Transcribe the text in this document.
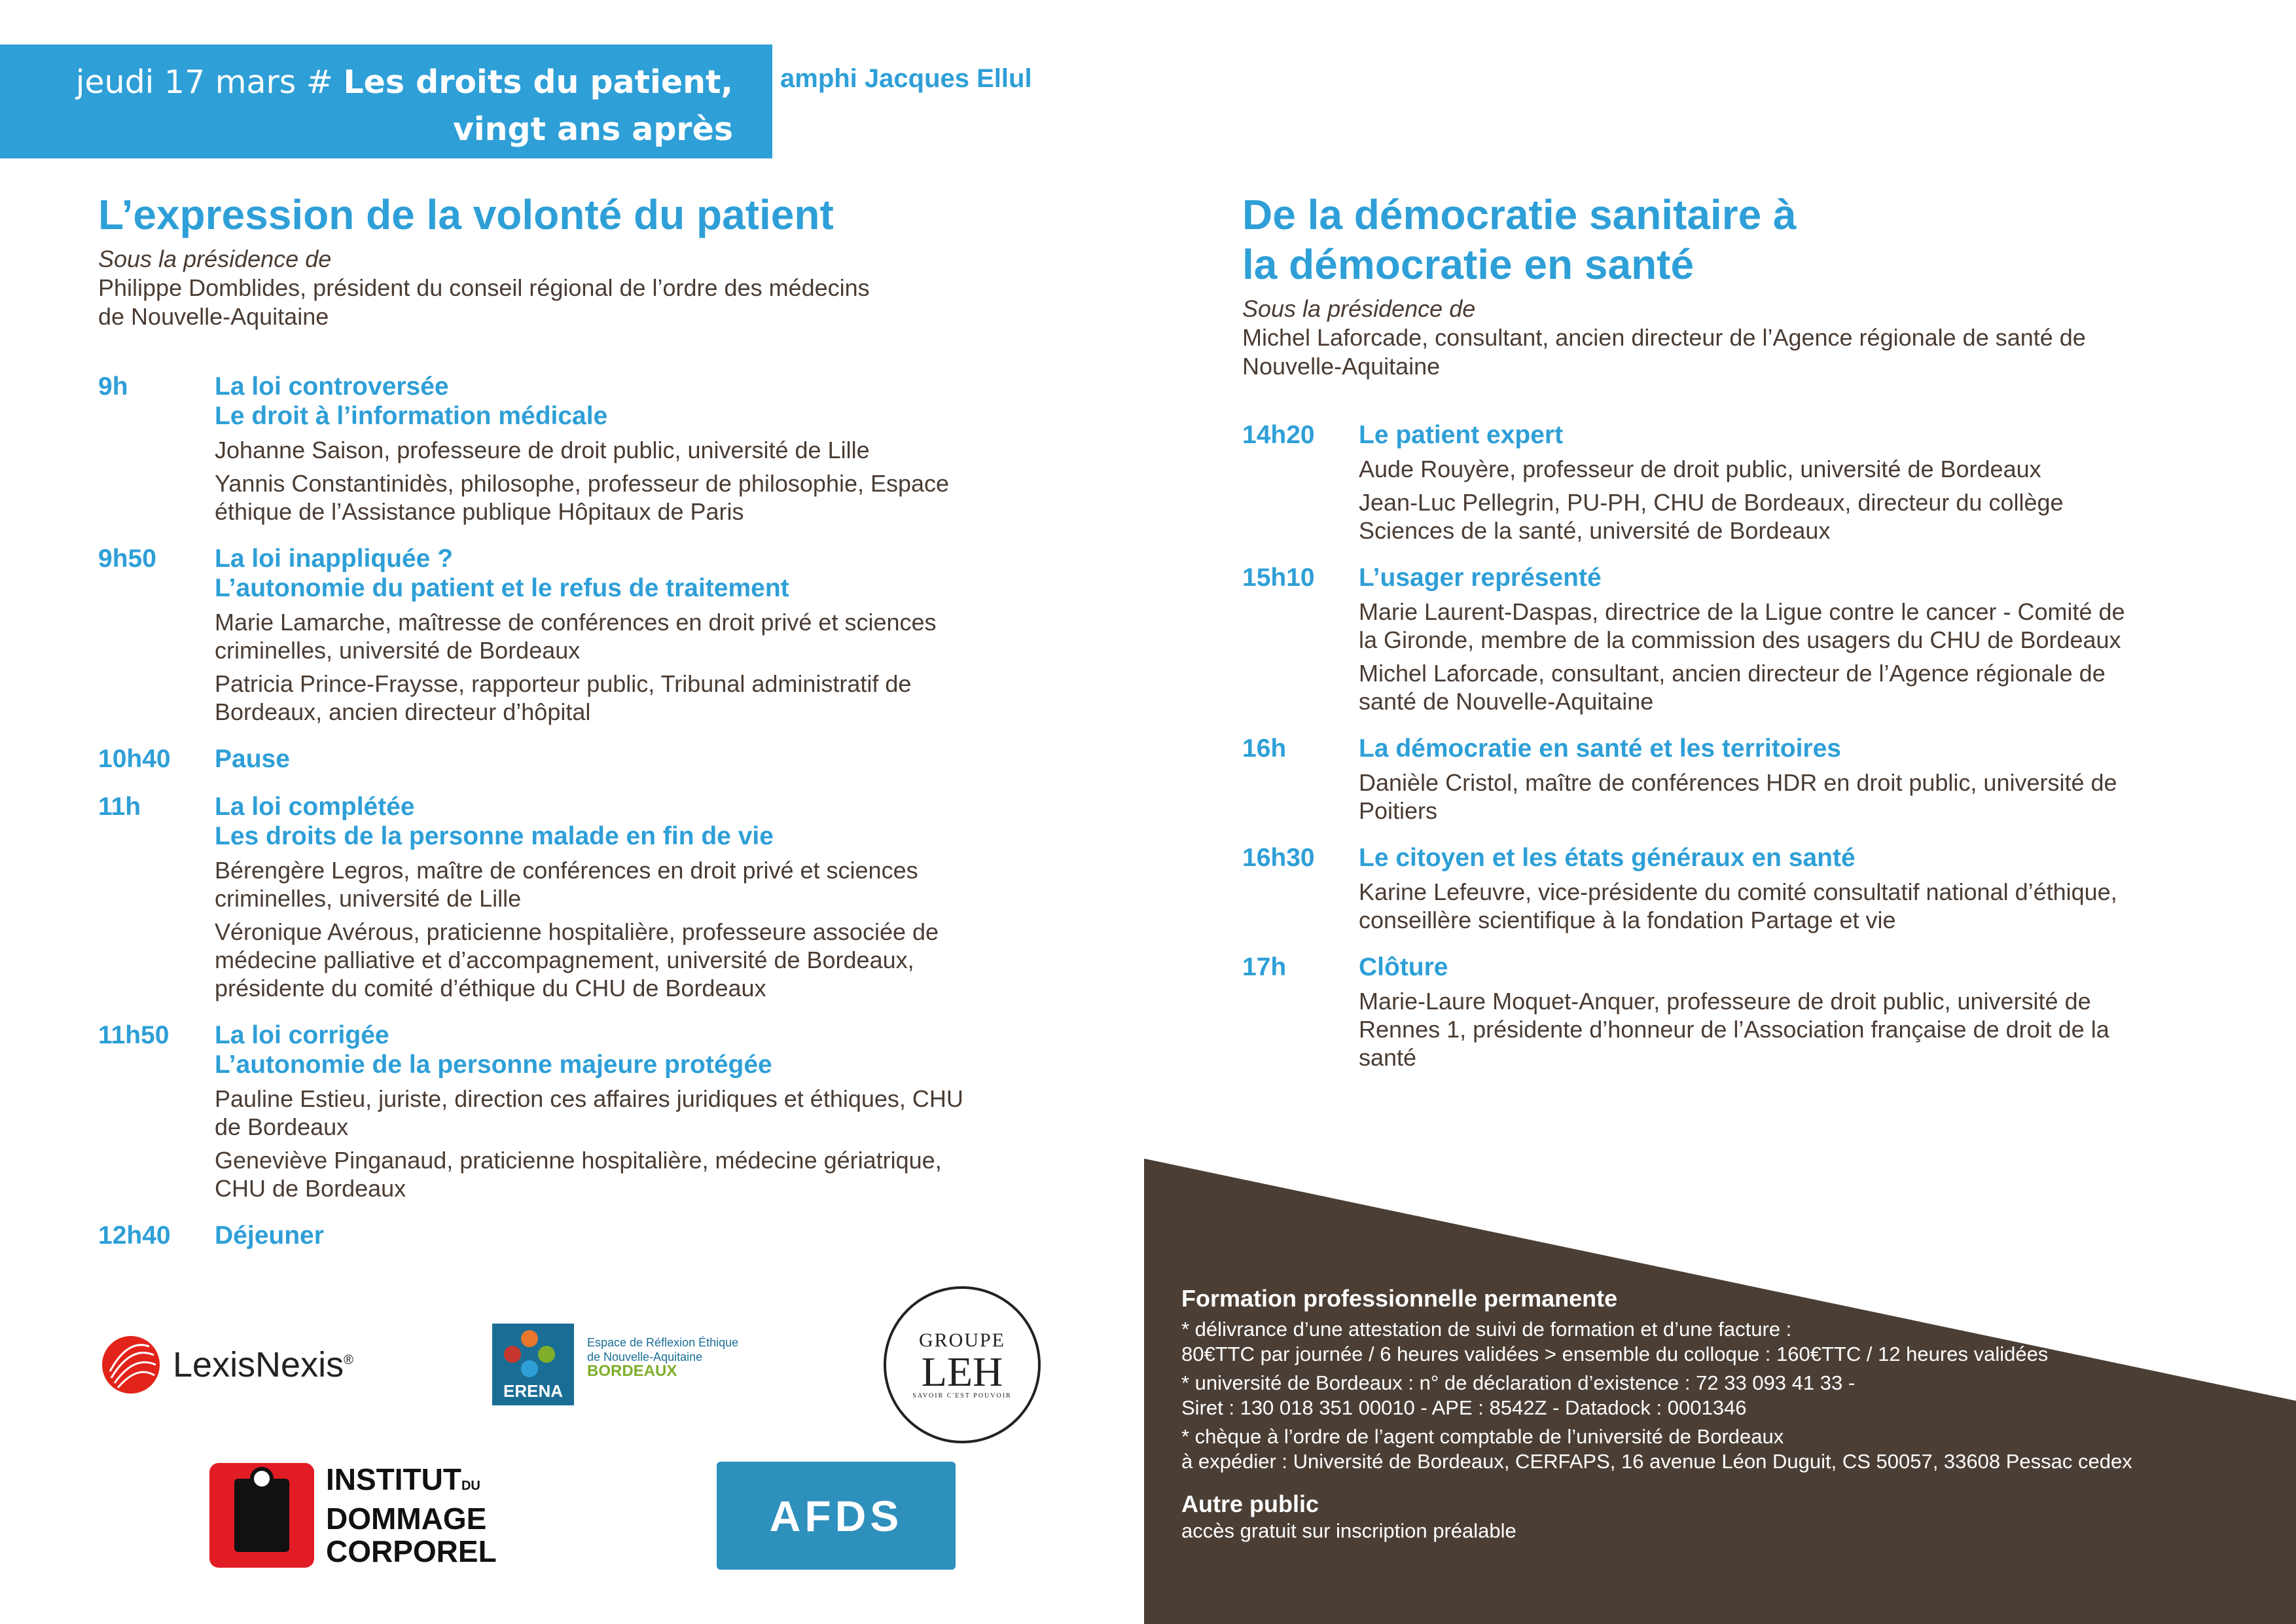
jeudi 17 mars # Les droits du patient,
vingt ans après
amphi Jacques Ellul
L’expression de la volonté du patient
Sous la présidence de
Philippe Domblides, président du conseil régional de l’ordre des médecins
de Nouvelle-Aquitaine
9h	La loi controversée
Le droit à l’information médicale
Johanne Saison, professeure de droit public, université de Lille
Yannis Constantinidès, philosophe, professeur de philosophie, Espace
éthique de l’Assistance publique Hôpitaux de Paris
9h50	La loi inappliquée ?
L’autonomie du patient et le refus de traitement
Marie Lamarche, maîtresse de conférences en droit privé et sciences
criminelles, université de Bordeaux
Patricia Prince-Fraysse, rapporteur public, Tribunal administratif de
Bordeaux, ancien directeur d’hôpital
10h40	Pause
11h	La loi complétée
Les droits de la personne malade en fin de vie
Bérengère Legros, maître de conférences en droit privé et sciences
criminelles, université de Lille
Véronique Avérous, praticienne hospitalière, professeure associée de
médecine palliative et d’accompagnement, université de Bordeaux,
présidente du comité d’éthique du CHU de Bordeaux
11h50	La loi corrigée
L’autonomie de la personne majeure protégée
Pauline Estieu, juriste, direction ces affaires juridiques et éthiques, CHU
de Bordeaux
Geneviève Pinganaud, praticienne hospitalière, médecine gériatrique,
CHU de Bordeaux
12h40	Déjeuner
De la démocratie sanitaire à
la démocratie en santé
Sous la présidence de
Michel Laforcade, consultant, ancien directeur de l’Agence régionale de santé de
Nouvelle-Aquitaine
14h20	Le patient expert
Aude Rouyère, professeur de droit public, université de Bordeaux
Jean-Luc Pellegrin, PU-PH, CHU de Bordeaux, directeur du collège
Sciences de la santé, université de Bordeaux
15h10	L’usager représenté
Marie Laurent-Daspas, directrice de la Ligue contre le cancer - Comité de
la Gironde, membre de la commission des usagers du CHU de Bordeaux
Michel Laforcade, consultant, ancien directeur de l’Agence régionale de
santé de Nouvelle-Aquitaine
16h	La démocratie en santé et les territoires
Danièle Cristol, maître de conférences HDR en droit public, université de
Poitiers
16h30	Le citoyen et les états généraux en santé
Karine Lefeuvre, vice-présidente du comité consultatif national d’éthique,
conseillère scientifique à la fondation Partage et vie
17h	Clôture
Marie-Laure Moquet-Anquer, professeure de droit public, université de
Rennes 1, présidente d’honneur de l’Association française de droit de la
santé
LexisNexis®
ERENA
Espace de Réflexion Éthique
de Nouvelle-Aquitaine
BORDEAUX
GROUPE
LEH
SAVOIR C'EST POUVOIR
INSTITUTDU
DOMMAGE
CORPOREL
AFDS
Formation professionnelle permanente
* délivrance d’une attestation de suivi de formation et d’une facture :
80€TTC par journée / 6 heures validées > ensemble du colloque : 160€TTC / 12 heures validées
* université de Bordeaux : n° de déclaration d’existence : 72 33 093 41 33 -
Siret : 130 018 351 00010 - APE : 8542Z - Datadock : 0001346
* chèque à l’ordre de l’agent comptable de l’université de Bordeaux
à expédier : Université de Bordeaux, CERFAPS, 16 avenue Léon Duguit, CS 50057, 33608 Pessac cedex
Autre public
accès gratuit sur inscription préalable
